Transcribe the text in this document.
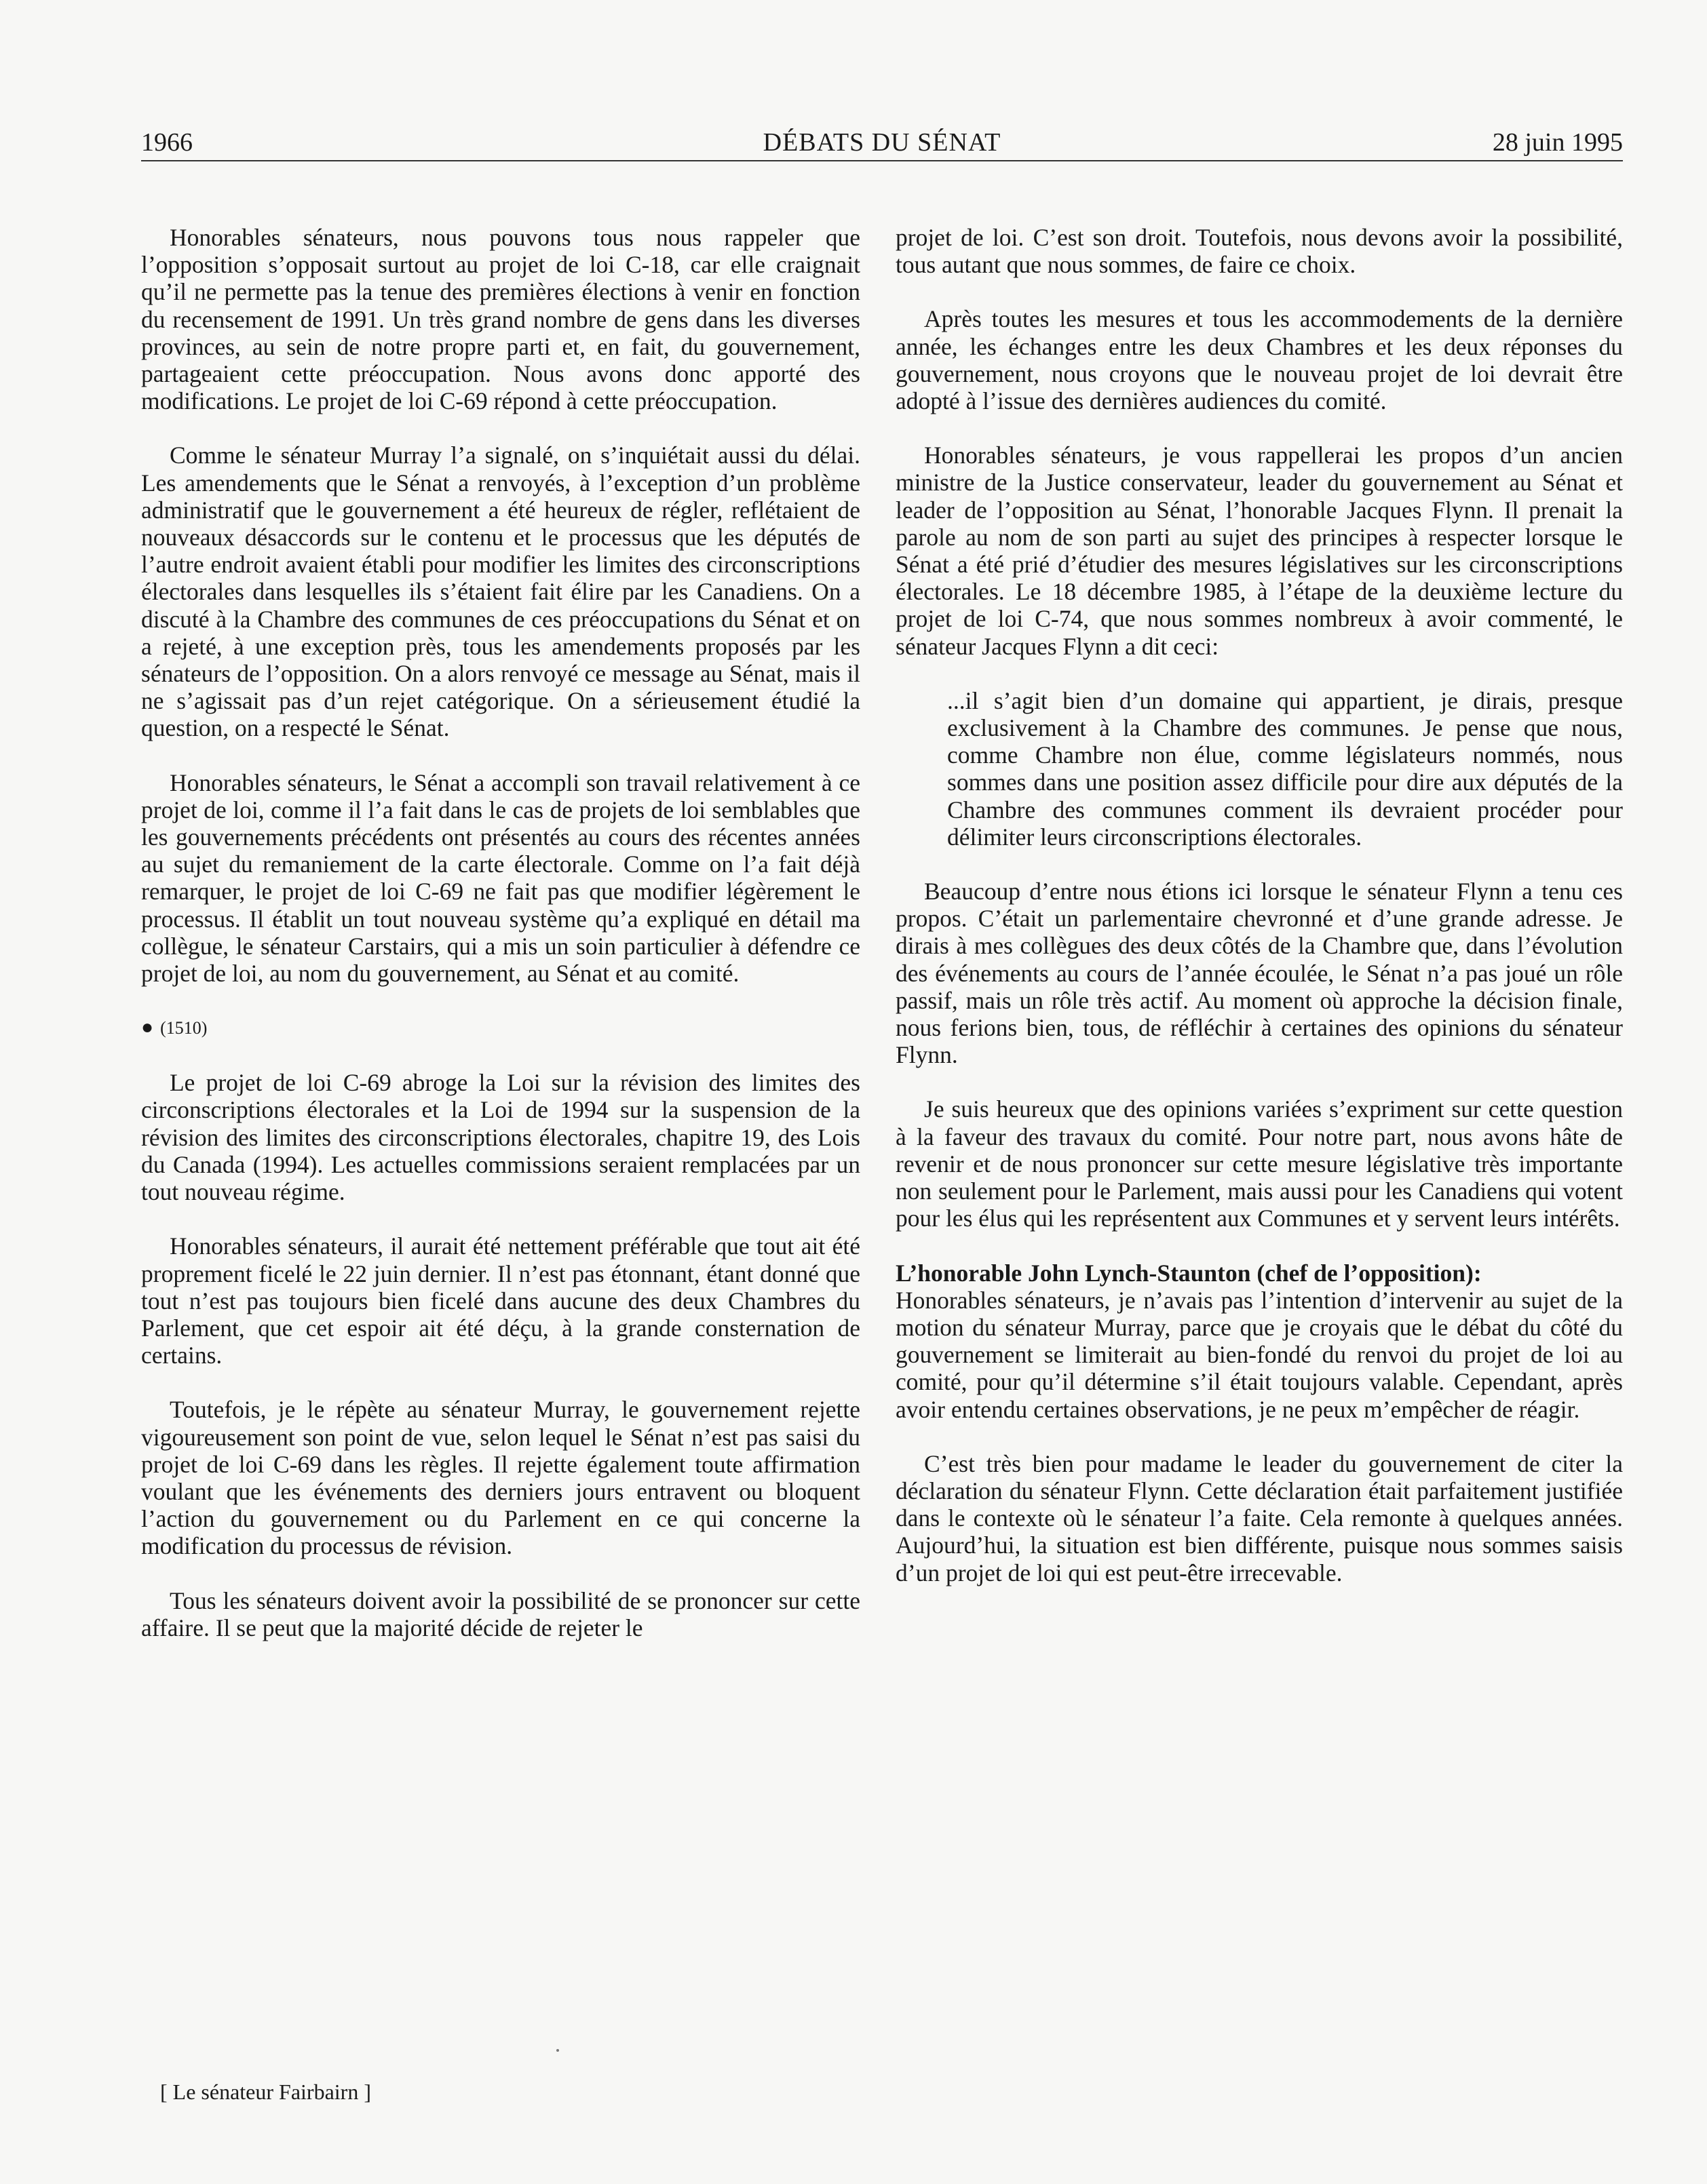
1966	DÉBATS DU SÉNAT	28 juin 1995

Honorables sénateurs, nous pouvons tous nous rappeler que l’opposition s’opposait surtout au projet de loi C-18, car elle craignait qu’il ne permette pas la tenue des premières élections à venir en fonction du recensement de 1991. Un très grand nombre de gens dans les diverses provinces, au sein de notre propre parti et, en fait, du gouvernement, partageaient cette préoccupation. Nous avons donc apporté des modifications. Le projet de loi C-69 répond à cette préoccupation.

Comme le sénateur Murray l’a signalé, on s’inquiétait aussi du délai. Les amendements que le Sénat a renvoyés, à l’exception d’un problème administratif que le gouvernement a été heureux de régler, reflétaient de nouveaux désaccords sur le contenu et le processus que les députés de l’autre endroit avaient établi pour modifier les limites des circonscriptions électorales dans lesquelles ils s’étaient fait élire par les Canadiens. On a discuté à la Chambre des communes de ces préoccupations du Sénat et on a rejeté, à une exception près, tous les amendements proposés par les sénateurs de l’opposition. On a alors renvoyé ce message au Sénat, mais il ne s’agissait pas d’un rejet catégorique. On a sérieusement étudié la question, on a respecté le Sénat.

Honorables sénateurs, le Sénat a accompli son travail relativement à ce projet de loi, comme il l’a fait dans le cas de projets de loi semblables que les gouvernements précédents ont présentés au cours des récentes années au sujet du remaniement de la carte électorale. Comme on l’a fait déjà remarquer, le projet de loi C-69 ne fait pas que modifier légèrement le processus. Il établit un tout nouveau système qu’a expliqué en détail ma collègue, le sénateur Carstairs, qui a mis un soin particulier à défendre ce projet de loi, au nom du gouvernement, au Sénat et au comité.

● (1510)

Le projet de loi C-69 abroge la Loi sur la révision des limites des circonscriptions électorales et la Loi de 1994 sur la suspension de la révision des limites des circonscriptions électorales, chapitre 19, des Lois du Canada (1994). Les actuelles commissions seraient remplacées par un tout nouveau régime.

Honorables sénateurs, il aurait été nettement préférable que tout ait été proprement ficelé le 22 juin dernier. Il n’est pas étonnant, étant donné que tout n’est pas toujours bien ficelé dans aucune des deux Chambres du Parlement, que cet espoir ait été déçu, à la grande consternation de certains.

Toutefois, je le répète au sénateur Murray, le gouvernement rejette vigoureusement son point de vue, selon lequel le Sénat n’est pas saisi du projet de loi C-69 dans les règles. Il rejette également toute affirmation voulant que les événements des derniers jours entravent ou bloquent l’action du gouvernement ou du Parlement en ce qui concerne la modification du processus de révision.

Tous les sénateurs doivent avoir la possibilité de se prononcer sur cette affaire. Il se peut que la majorité décide de rejeter le

projet de loi. C’est son droit. Toutefois, nous devons avoir la possibilité, tous autant que nous sommes, de faire ce choix.

Après toutes les mesures et tous les accommodements de la dernière année, les échanges entre les deux Chambres et les deux réponses du gouvernement, nous croyons que le nouveau projet de loi devrait être adopté à l’issue des dernières audiences du comité.

Honorables sénateurs, je vous rappellerai les propos d’un ancien ministre de la Justice conservateur, leader du gouvernement au Sénat et leader de l’opposition au Sénat, l’honorable Jacques Flynn. Il prenait la parole au nom de son parti au sujet des principes à respecter lorsque le Sénat a été prié d’étudier des mesures législatives sur les circonscriptions électorales. Le 18 décembre 1985, à l’étape de la deuxième lecture du projet de loi C-74, que nous sommes nombreux à avoir commenté, le sénateur Jacques Flynn a dit ceci:

...il s’agit bien d’un domaine qui appartient, je dirais, presque exclusivement à la Chambre des communes. Je pense que nous, comme Chambre non élue, comme législateurs nommés, nous sommes dans une position assez difficile pour dire aux députés de la Chambre des communes comment ils devraient procéder pour délimiter leurs circonscriptions électorales.

Beaucoup d’entre nous étions ici lorsque le sénateur Flynn a tenu ces propos. C’était un parlementaire chevronné et d’une grande adresse. Je dirais à mes collègues des deux côtés de la Chambre que, dans l’évolution des événements au cours de l’année écoulée, le Sénat n’a pas joué un rôle passif, mais un rôle très actif. Au moment où approche la décision finale, nous ferions bien, tous, de réfléchir à certaines des opinions du sénateur Flynn.

Je suis heureux que des opinions variées s’expriment sur cette question à la faveur des travaux du comité. Pour notre part, nous avons hâte de revenir et de nous prononcer sur cette mesure législative très importante non seulement pour le Parlement, mais aussi pour les Canadiens qui votent pour les élus qui les représentent aux Communes et y servent leurs intérêts.

L’honorable John Lynch-Staunton (chef de l’opposition):

Honorables sénateurs, je n’avais pas l’intention d’intervenir au sujet de la motion du sénateur Murray, parce que je croyais que le débat du côté du gouvernement se limiterait au bien-fondé du renvoi du projet de loi au comité, pour qu’il détermine s’il était toujours valable. Cependant, après avoir entendu certaines observations, je ne peux m’empêcher de réagir.

C’est très bien pour madame le leader du gouvernement de citer la déclaration du sénateur Flynn. Cette déclaration était parfaitement justifiée dans le contexte où le sénateur l’a faite. Cela remonte à quelques années. Aujourd’hui, la situation est bien différente, puisque nous sommes saisis d’un projet de loi qui est peut-être irrecevable.

[ Le sénateur Fairbairn ]
